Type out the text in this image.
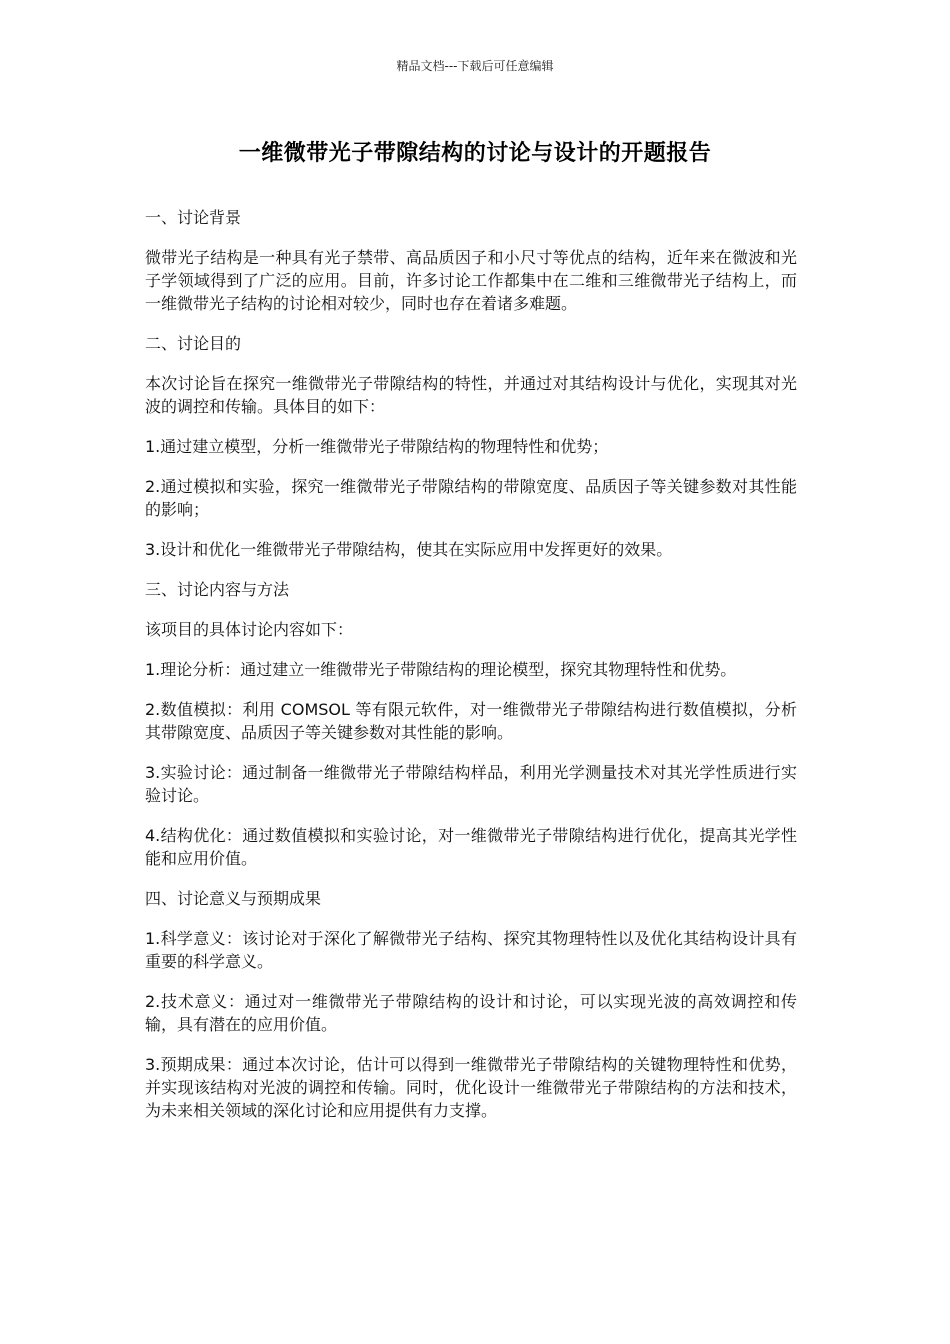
精品文档---下载后可任意编辑
一维微带光子带隙结构的讨论与设计的开题报告

一、讨论背景

微带光子结构是一种具有光子禁带、高品质因子和小尺寸等优点的结构，近年来在微波和光子学领域得到了广泛的应用。目前，许多讨论工作都集中在二维和三维微带光子结构上，而一维微带光子结构的讨论相对较少，同时也存在着诸多难题。

二、讨论目的

本次讨论旨在探究一维微带光子带隙结构的特性，并通过对其结构设计与优化，实现其对光波的调控和传输。具体目的如下：

1.通过建立模型，分析一维微带光子带隙结构的物理特性和优势；

2.通过模拟和实验，探究一维微带光子带隙结构的带隙宽度、品质因子等关键参数对其性能的影响；

3.设计和优化一维微带光子带隙结构，使其在实际应用中发挥更好的效果。

三、讨论内容与方法

该项目的具体讨论内容如下：

1.理论分析：通过建立一维微带光子带隙结构的理论模型，探究其物理特性和优势。

2.数值模拟：利用 COMSOL 等有限元软件，对一维微带光子带隙结构进行数值模拟，分析其带隙宽度、品质因子等关键参数对其性能的影响。

3.实验讨论：通过制备一维微带光子带隙结构样品，利用光学测量技术对其光学性质进行实验讨论。

4.结构优化：通过数值模拟和实验讨论，对一维微带光子带隙结构进行优化，提高其光学性能和应用价值。

四、讨论意义与预期成果

1.科学意义：该讨论对于深化了解微带光子结构、探究其物理特性以及优化其结构设计具有重要的科学意义。

2.技术意义：通过对一维微带光子带隙结构的设计和讨论，可以实现光波的高效调控和传输，具有潜在的应用价值。

3.预期成果：通过本次讨论，估计可以得到一维微带光子带隙结构的关键物理特性和优势，并实现该结构对光波的调控和传输。同时，优化设计一维微带光子带隙结构的方法和技术，为未来相关领域的深化讨论和应用提供有力支撑。
